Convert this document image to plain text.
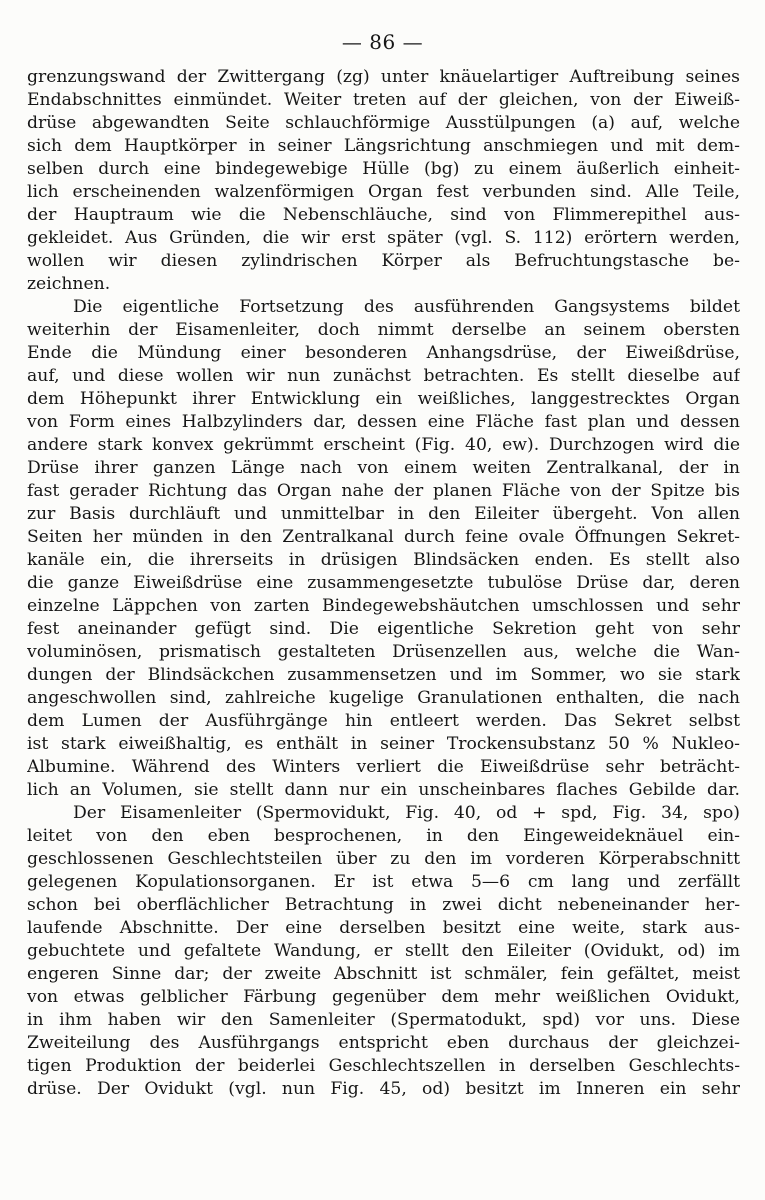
— 86 —
grenzungswand der Zwittergang (zg) unter knäuelartiger Auftreibung seines
Endabschnittes einmündet. Weiter treten auf der gleichen, von der Eiweiß-
drüse abgewandten Seite schlauchförmige Ausstülpungen (a) auf, welche
sich dem Hauptkörper in seiner Längsrichtung anschmiegen und mit dem-
selben durch eine bindegewebige Hülle (bg) zu einem äußerlich einheit-
lich erscheinenden walzenförmigen Organ fest verbunden sind. Alle Teile,
der Hauptraum wie die Nebenschläuche, sind von Flimmerepithel aus-
gekleidet. Aus Gründen, die wir erst später (vgl. S. 112) erörtern werden,
wollen wir diesen zylindrischen Körper als Befruchtungstasche be-
zeichnen.
Die eigentliche Fortsetzung des ausführenden Gangsystems bildet
weiterhin der Eisamenleiter, doch nimmt derselbe an seinem obersten
Ende die Mündung einer besonderen Anhangsdrüse, der Eiweißdrüse,
auf, und diese wollen wir nun zunächst betrachten. Es stellt dieselbe auf
dem Höhepunkt ihrer Entwicklung ein weißliches, langgestrecktes Organ
von Form eines Halbzylinders dar, dessen eine Fläche fast plan und dessen
andere stark konvex gekrümmt erscheint (Fig. 40, ew). Durchzogen wird die
Drüse ihrer ganzen Länge nach von einem weiten Zentralkanal, der in
fast gerader Richtung das Organ nahe der planen Fläche von der Spitze bis
zur Basis durchläuft und unmittelbar in den Eileiter übergeht. Von allen
Seiten her münden in den Zentralkanal durch feine ovale Öffnungen Sekret-
kanäle ein, die ihrerseits in drüsigen Blindsäcken enden. Es stellt also
die ganze Eiweißdrüse eine zusammengesetzte tubulöse Drüse dar, deren
einzelne Läppchen von zarten Bindegewebshäutchen umschlossen und sehr
fest aneinander gefügt sind. Die eigentliche Sekretion geht von sehr
voluminösen, prismatisch gestalteten Drüsenzellen aus, welche die Wan-
dungen der Blindsäckchen zusammensetzen und im Sommer, wo sie stark
angeschwollen sind, zahlreiche kugelige Granulationen enthalten, die nach
dem Lumen der Ausführgänge hin entleert werden. Das Sekret selbst
ist stark eiweißhaltig, es enthält in seiner Trockensubstanz 50 % Nukleo-
Albumine. Während des Winters verliert die Eiweißdrüse sehr beträcht-
lich an Volumen, sie stellt dann nur ein unscheinbares flaches Gebilde dar.
Der Eisamenleiter (Spermovidukt, Fig. 40, od + spd, Fig. 34, spo)
leitet von den eben besprochenen, in den Eingeweideknäuel ein-
geschlossenen Geschlechtsteilen über zu den im vorderen Körperabschnitt
gelegenen Kopulationsorganen. Er ist etwa 5—6 cm lang und zerfällt
schon bei oberflächlicher Betrachtung in zwei dicht nebeneinander her-
laufende Abschnitte. Der eine derselben besitzt eine weite, stark aus-
gebuchtete und gefaltete Wandung, er stellt den Eileiter (Ovidukt, od) im
engeren Sinne dar; der zweite Abschnitt ist schmäler, fein gefältet, meist
von etwas gelblicher Färbung gegenüber dem mehr weißlichen Ovidukt,
in ihm haben wir den Samenleiter (Spermatodukt, spd) vor uns. Diese
Zweiteilung des Ausführgangs entspricht eben durchaus der gleichzei-
tigen Produktion der beiderlei Geschlechtszellen in derselben Geschlechts-
drüse. Der Ovidukt (vgl. nun Fig. 45, od) besitzt im Inneren ein sehr
